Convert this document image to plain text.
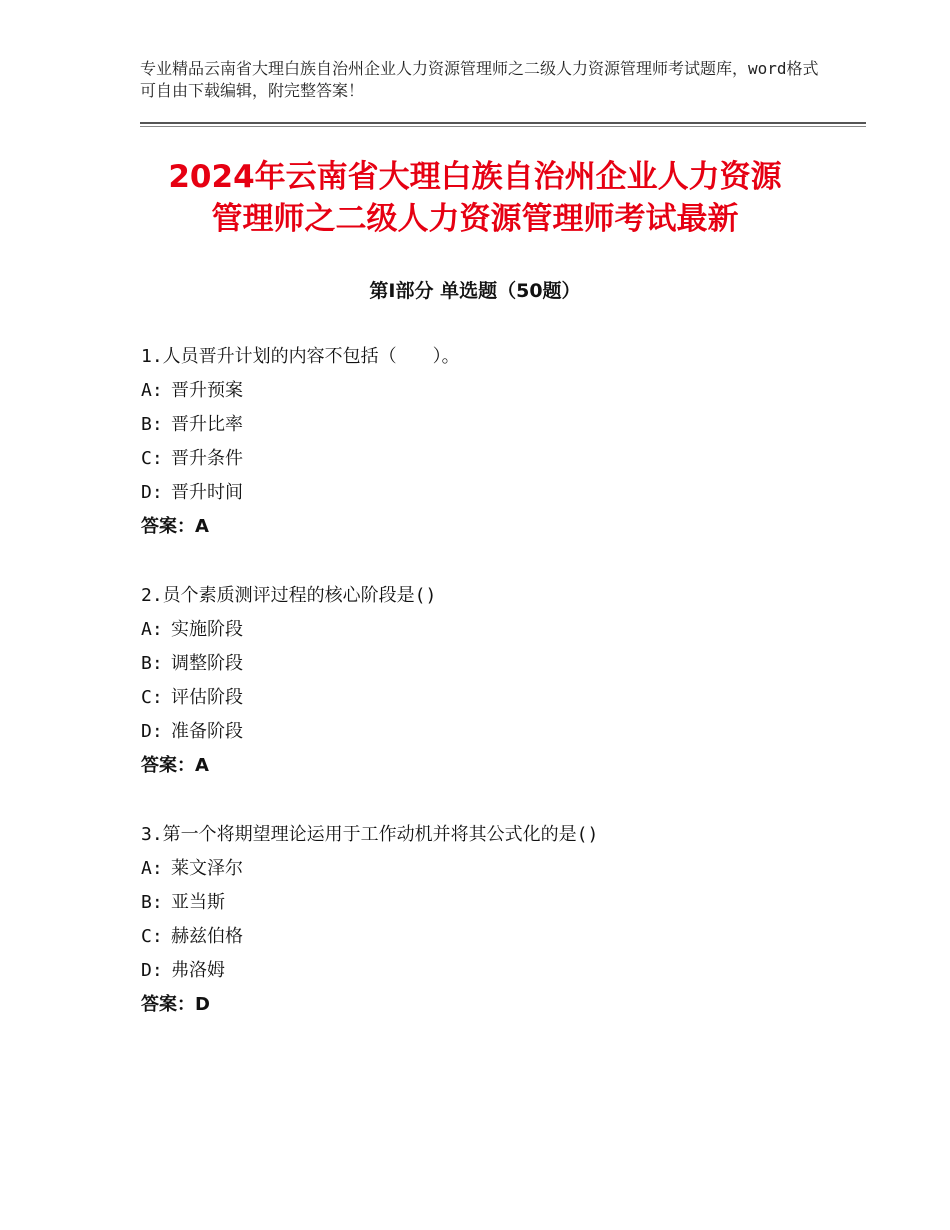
专业精品云南省大理白族自治州企业人力资源管理师之二级人力资源管理师考试题库，word格式可自由下载编辑，附完整答案！
2024年云南省大理白族自治州企业人力资源
管理师之二级人力资源管理师考试最新
第Ⅰ部分 单选题（50题）
1.人员晋升计划的内容不包括（　　）。
A: 晋升预案
B: 晋升比率
C: 晋升条件
D: 晋升时间
答案：A
2.员个素质测评过程的核心阶段是()
A: 实施阶段
B: 调整阶段
C: 评估阶段
D: 准备阶段
答案：A
3.第一个将期望理论运用于工作动机并将其公式化的是()
A: 莱文泽尔
B: 亚当斯
C: 赫兹伯格
D: 弗洛姆
答案：D
